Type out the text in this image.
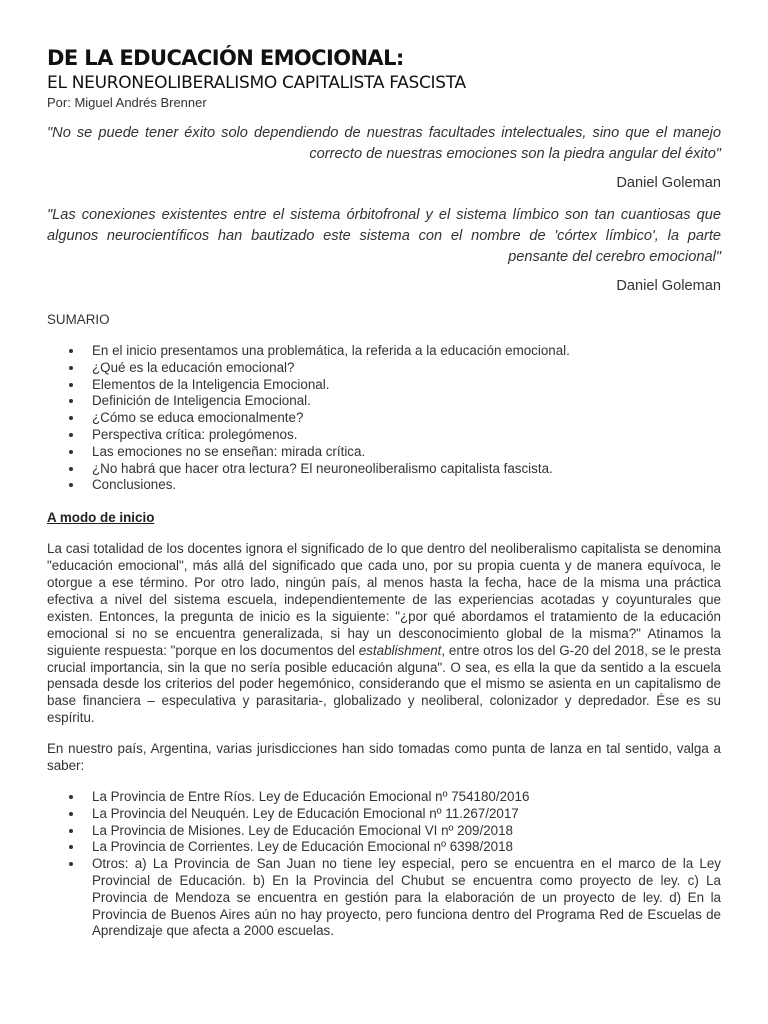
DE LA EDUCACIÓN EMOCIONAL:
EL NEURONEOLIBERALISMO CAPITALISTA FASCISTA

Por: Miguel Andrés Brenner

"No se puede tener éxito solo dependiendo de nuestras facultades intelectuales, sino que el manejo correcto de nuestras emociones son la piedra angular del éxito"

Daniel Goleman

"Las conexiones existentes entre el sistema órbitofronal y el sistema límbico son tan cuantiosas que algunos neurocientíficos han bautizado este sistema con el nombre de 'córtex límbico', la parte pensante del cerebro emocional"

Daniel Goleman

SUMARIO

En el inicio presentamos una problemática, la referida a la educación emocional.
¿Qué es la educación emocional?
Elementos de la Inteligencia Emocional.
Definición de Inteligencia Emocional.
¿Cómo se educa emocionalmente?
Perspectiva crítica: prolegómenos.
Las emociones no se enseñan: mirada crítica.
¿No habrá que hacer otra lectura? El neuroneoliberalismo capitalista fascista.
Conclusiones.

A modo de inicio

La casi totalidad de los docentes ignora el significado de lo que dentro del neoliberalismo capitalista se denomina "educación emocional", más allá del significado que cada uno, por su propia cuenta y de manera equívoca, le otorgue a ese término. Por otro lado, ningún país, al menos hasta la fecha, hace de la misma una práctica efectiva a nivel del sistema escuela, independientemente de las experiencias acotadas y coyunturales que existen. Entonces, la pregunta de inicio es la siguiente: "¿por qué abordamos el tratamiento de la educación emocional si no se encuentra generalizada, si hay un desconocimiento global de la misma?" Atinamos la siguiente respuesta: "porque en los documentos del establishment, entre otros los del G-20 del 2018, se le presta crucial importancia, sin la que no sería posible educación alguna". O sea, es ella la que da sentido a la escuela pensada desde los criterios del poder hegemónico, considerando que el mismo se asienta en un capitalismo de base financiera – especulativa y parasitaria-, globalizado y neoliberal, colonizador y depredador. Ése es su espíritu.

En nuestro país, Argentina, varias jurisdicciones han sido tomadas como punta de lanza en tal sentido, valga a saber:

La Provincia de Entre Ríos. Ley de Educación Emocional nº 754180/2016
La Provincia del Neuquén. Ley de Educación Emocional nº 11.267/2017
La Provincia de Misiones. Ley de Educación Emocional VI nº 209/2018
La Provincia de Corrientes. Ley de Educación Emocional nº 6398/2018
Otros: a) La Provincia de San Juan no tiene ley especial, pero se encuentra en el marco de la Ley Provincial de Educación. b) En la Provincia del Chubut se encuentra como proyecto de ley. c) La Provincia de Mendoza se encuentra en gestión para la elaboración de un proyecto de ley. d) En la Provincia de Buenos Aires aún no hay proyecto, pero funciona dentro del Programa Red de Escuelas de Aprendizaje que afecta a 2000 escuelas.
